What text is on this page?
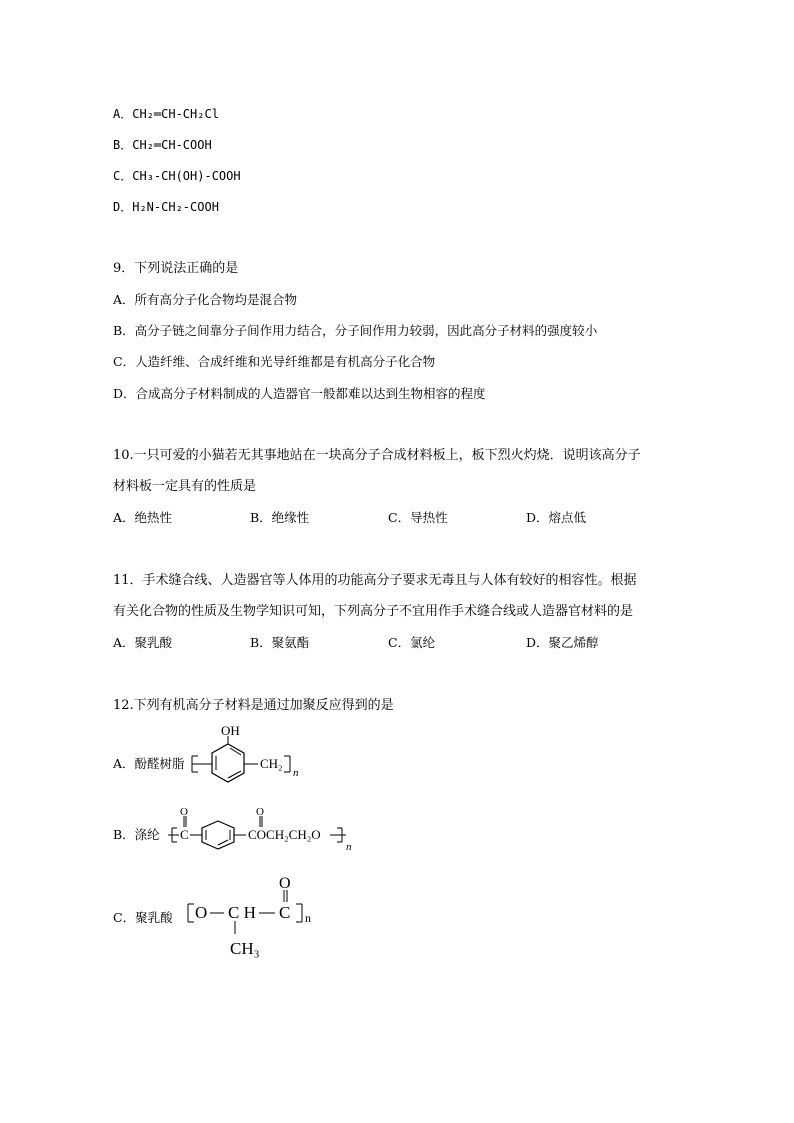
A．CH₂═CH-CH₂Cl
B．CH₂═CH-COOH
C．CH₃-CH(OH)-COOH
D．H₂N-CH₂-COOH
9．下列说法正确的是
A．所有高分子化合物均是混合物
B．高分子链之间靠分子间作用力结合，分子间作用力较弱，因此高分子材料的强度较小
C．人造纤维、合成纤维和光导纤维都是有机高分子化合物
D．合成高分子材料制成的人造器官一般都难以达到生物相容的程度
10.一只可爱的小猫若无其事地站在一块高分子合成材料板上，板下烈火灼烧．说明该高分子
材料板一定具有的性质是
A．绝热性	B．绝缘性	C．导热性	D．熔点低
11．手术缝合线、人造器官等人体用的功能高分子要求无毒且与人体有较好的相容性。根据
有关化合物的性质及生物学知识可知，下列高分子不宜用作手术缝合线或人造器官材料的是
A．聚乳酸	B．聚氨酯	C．氯纶	D．聚乙烯醇
12.下列有机高分子材料是通过加聚反应得到的是
A．酚醛树脂
OH
CH₂
n
B．涤纶 C
O	O
COCH₂CH₂O
n
C．聚乳酸 O C H C
O
n
CH₃
